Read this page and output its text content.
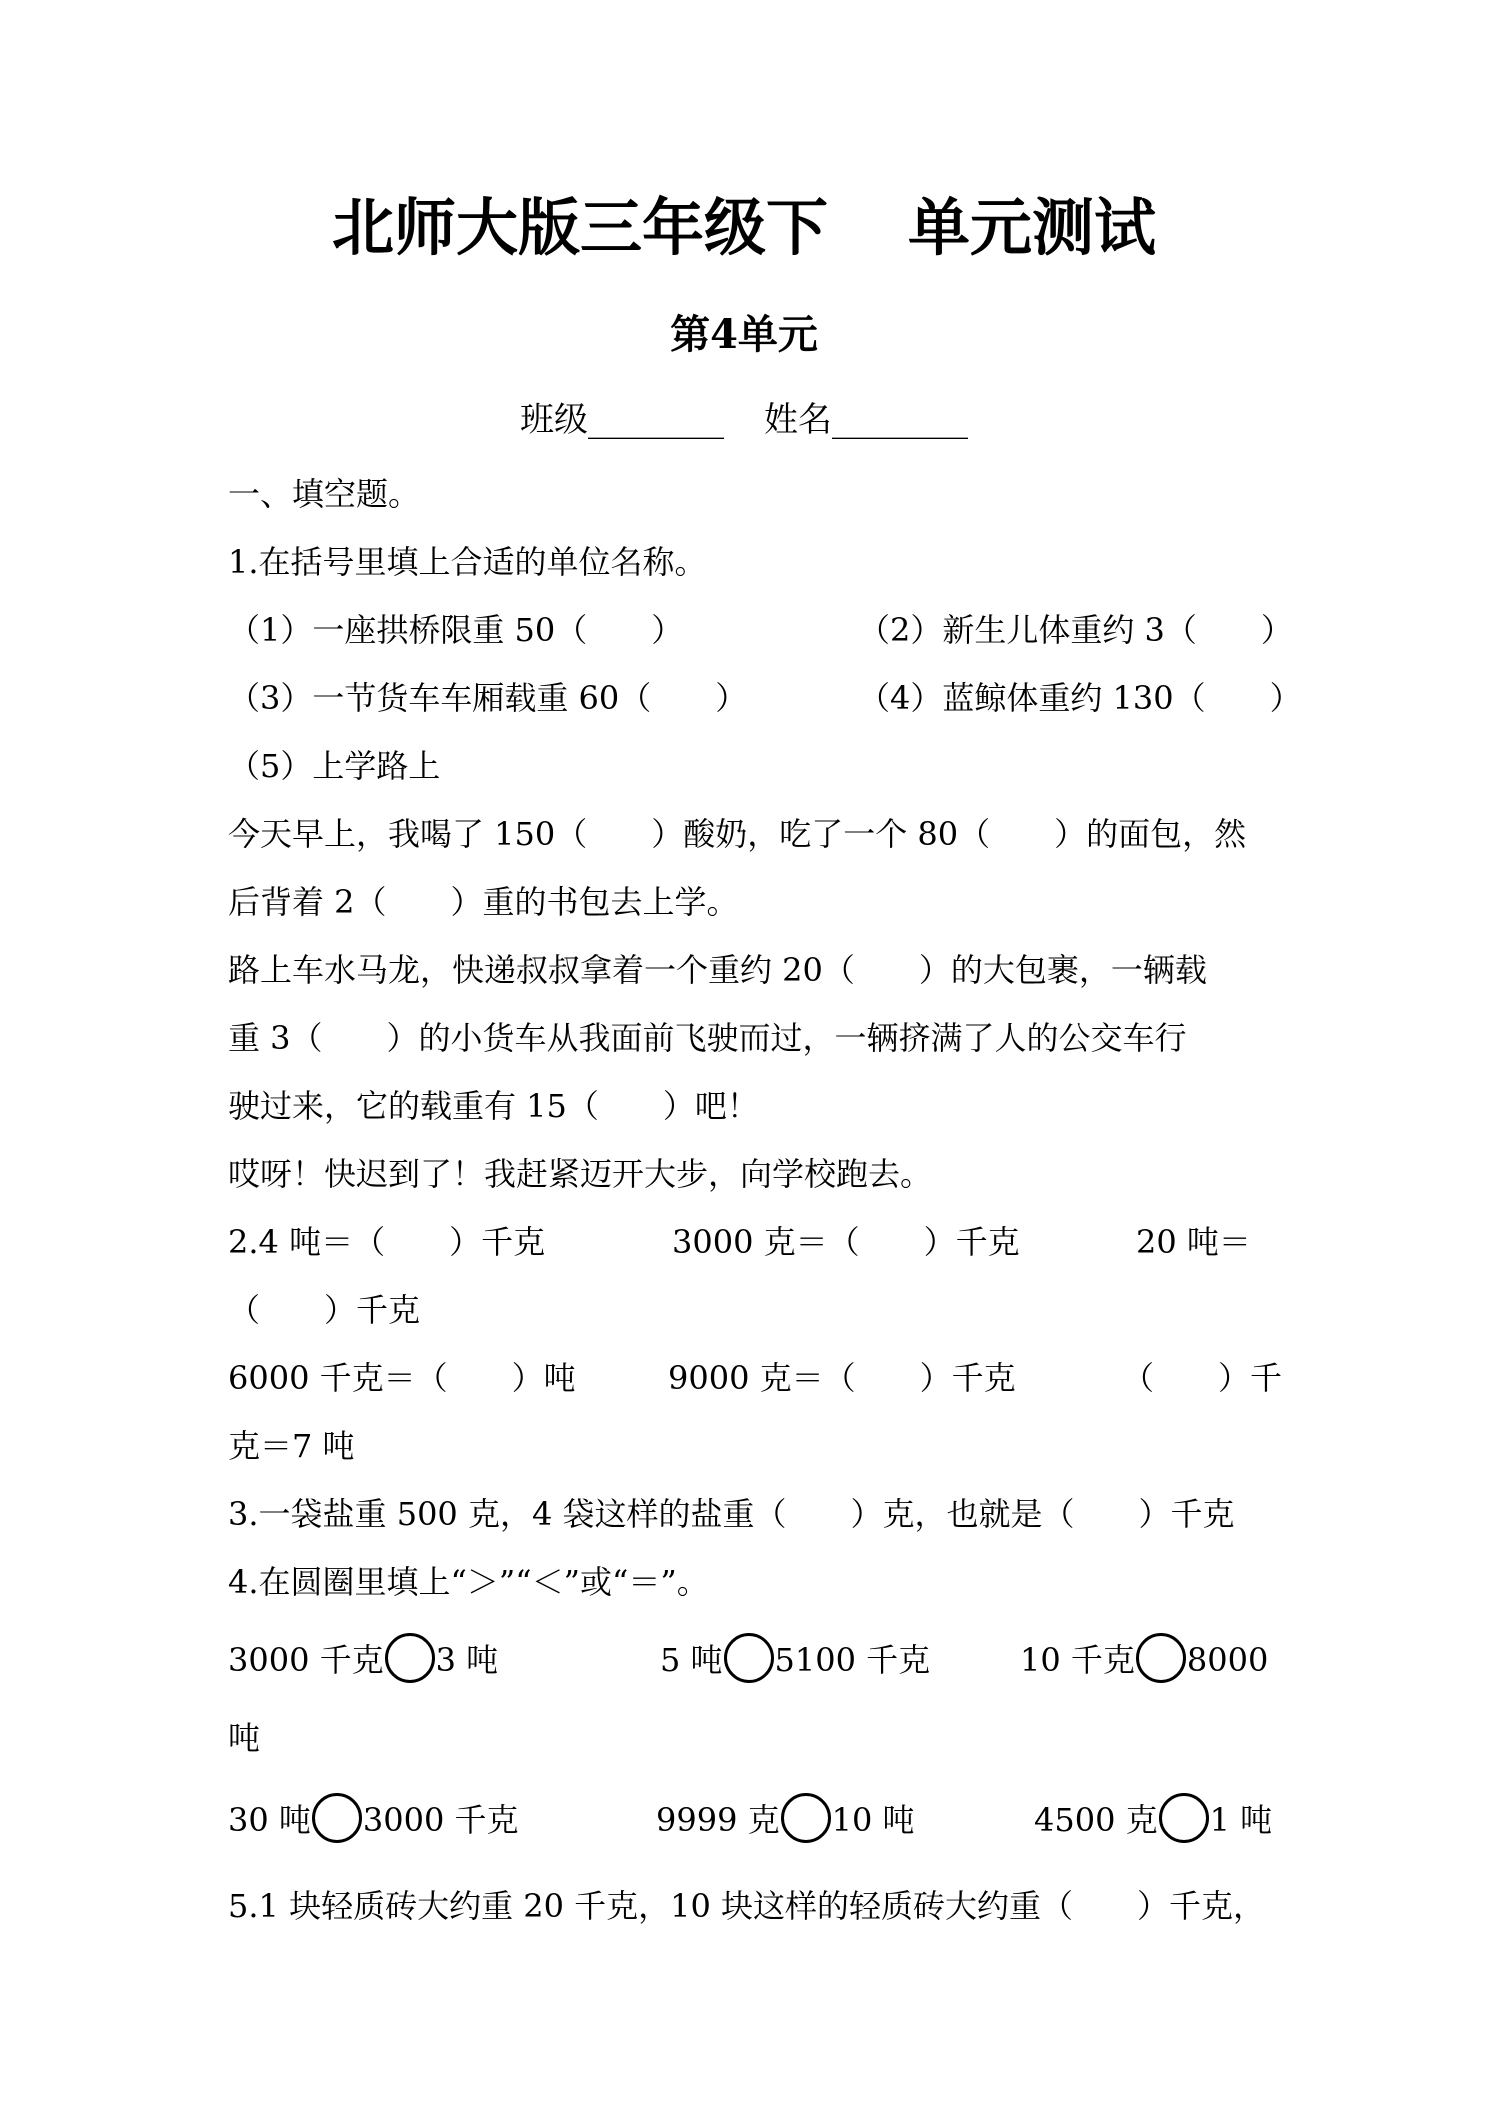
北师大版三年级下 单元测试
第4单元
班级________ 姓名________
一、填空题。
1.在括号里填上合适的单位名称。
（1）一座拱桥限重 50（　　）	（2）新生儿体重约 3（　　）
（3）一节货车车厢载重 60（　　）	（4）蓝鲸体重约 130（　　）
（5）上学路上
今天早上，我喝了 150（　　）酸奶，吃了一个 80（　　）的面包，然
后背着 2（　　）重的书包去上学。
路上车水马龙，快递叔叔拿着一个重约 20（　　）的大包裹，一辆载
重 3（　　）的小货车从我面前飞驶而过，一辆挤满了人的公交车行
驶过来，它的载重有 15（　　）吧！
哎呀！快迟到了！我赶紧迈开大步，向学校跑去。
2.4 吨＝（　　）千克	3000 克＝（　　）千克	20 吨＝
（　　）千克
6000 千克＝（　　）吨	9000 克＝（　　）千克	（　　）千
克＝7 吨
3.一袋盐重 500 克，4 袋这样的盐重（　　）克，也就是（　　）千克
4.在圆圈里填上“＞”“＜”或“＝”。
3000 千克 3 吨	5 吨 5100 千克	10 千克 8000
吨
30 吨 3000 千克	9999 克 10 吨	4500 克 1 吨
5.1 块轻质砖大约重 20 千克，10 块这样的轻质砖大约重（　　）千克，
